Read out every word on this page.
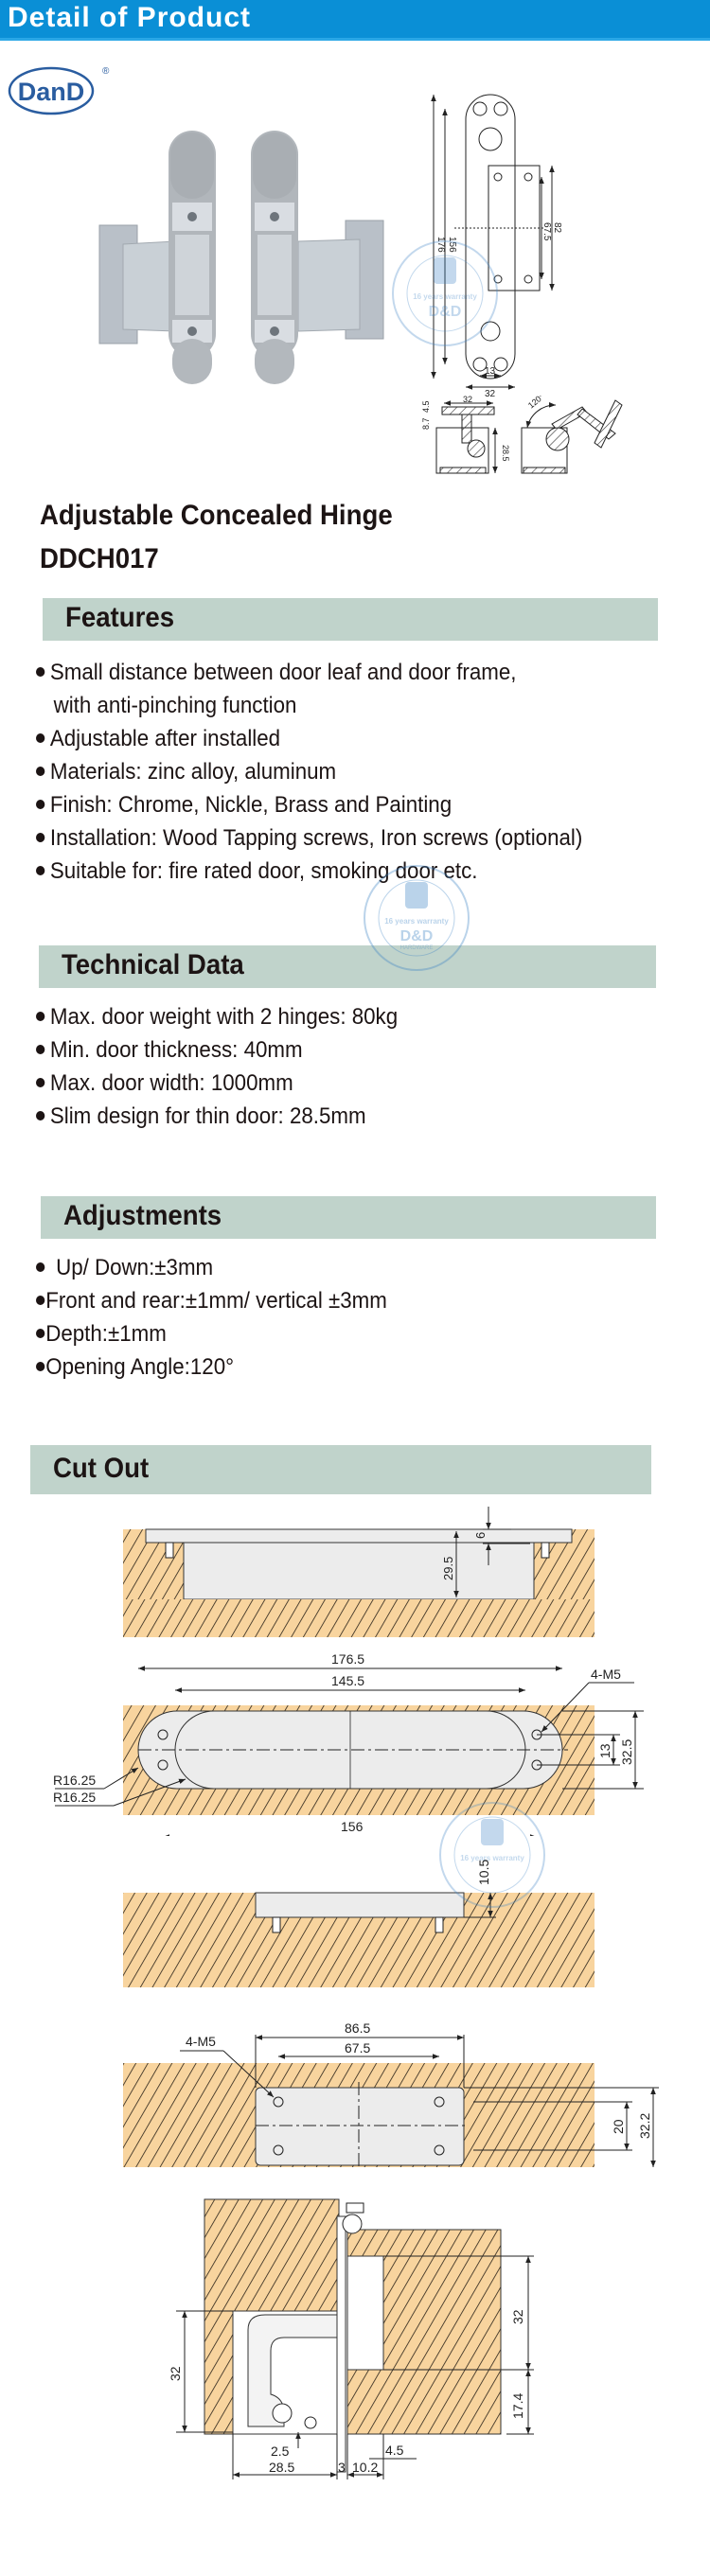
Detail of Product
DanD
®
176 156
82
67.5
13
32
32
4.5
8.7
28.5
120°
Adjustable Concealed Hinge
DDCH017
Features
Small distance between door leaf and door frame,
with anti-pinching function
Adjustable after installed
Materials: zinc alloy, aluminum
Finish: Chrome, Nickle, Brass and Painting
Installation: Wood Tapping screws, Iron screws (optional)
Suitable for: fire rated door, smoking door etc.
Technical Data
Max. door weight with 2 hinges: 80kg
Min. door thickness: 40mm
Max. door width: 1000mm
Slim design for thin door: 28.5mm
Adjustments
Up/ Down:±3mm
Front and rear:±1mm/ vertical ±3mm
Depth:±1mm
Opening Angle:120°
Cut Out
29.5
6
176.5
145.5	4-M5
13 32.5
R16.25
R16.25
156
10.5
86.5
67.5
4-M5
20 32.2
32
32
17.4
2.5
28.5	3 10.2
4.5
16 years warranty
D&D
HARDWARE
16 years warranty
D&D
16 years warranty
